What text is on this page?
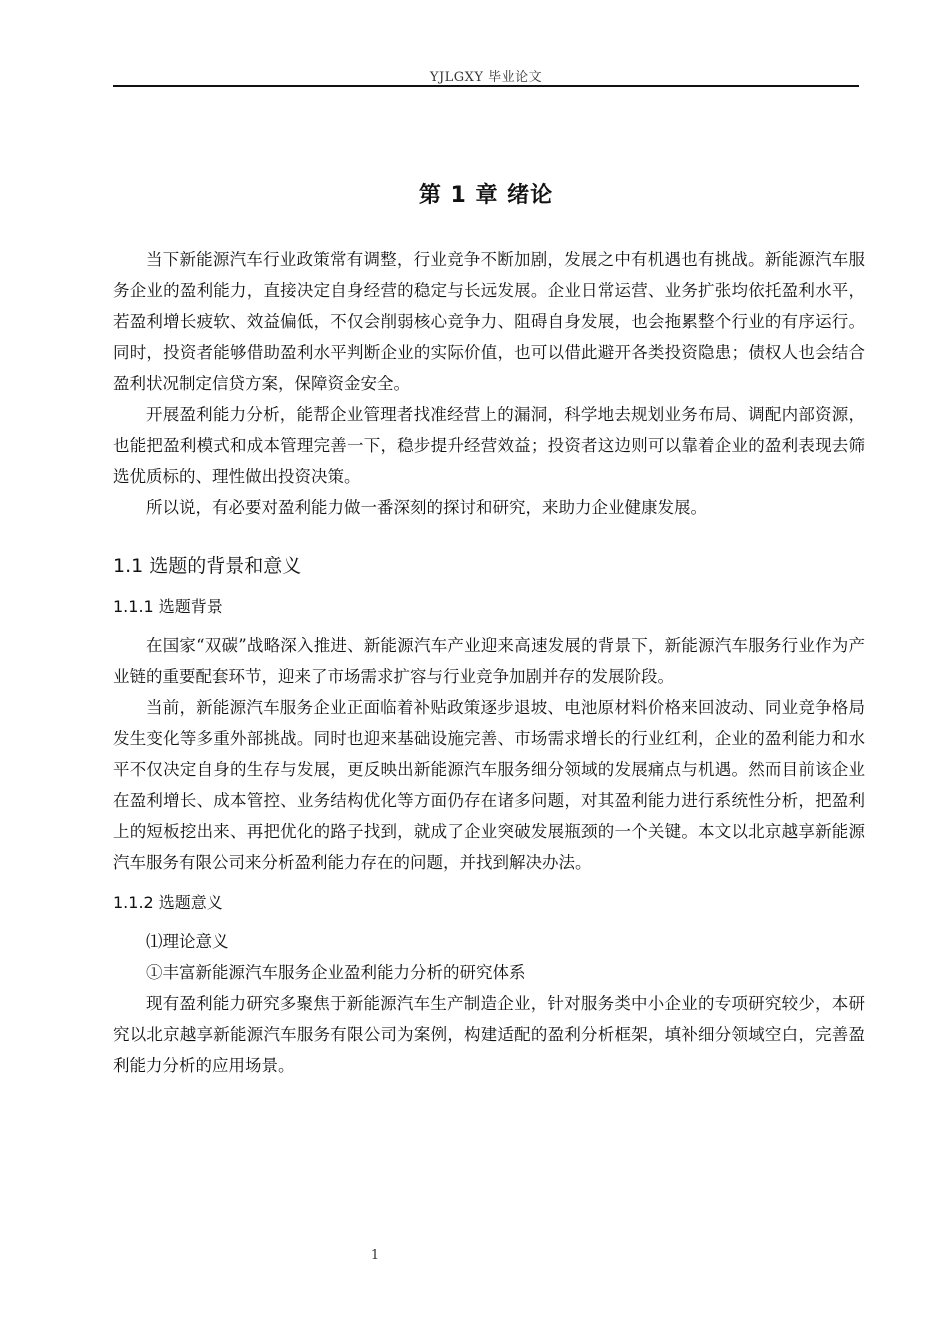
YJLGXY 毕业论文
第 1 章 绪论

当下新能源汽车行业政策常有调整，行业竞争不断加剧，发展之中有机遇也有挑战。新能源汽车服务企业的盈利能力，直接决定自身经营的稳定与长远发展。企业日常运营、业务扩张均依托盈利水平，若盈利增长疲软、效益偏低，不仅会削弱核心竞争力、阻碍自身发展，也会拖累整个行业的有序运行。同时，投资者能够借助盈利水平判断企业的实际价值，也可以借此避开各类投资隐患；债权人也会结合盈利状况制定信贷方案，保障资金安全。

开展盈利能力分析，能帮企业管理者找准经营上的漏洞，科学地去规划业务布局、调配内部资源，也能把盈利模式和成本管理完善一下，稳步提升经营效益；投资者这边则可以靠着企业的盈利表现去筛选优质标的、理性做出投资决策。

所以说，有必要对盈利能力做一番深刻的探讨和研究，来助力企业健康发展。

1.1 选题的背景和意义
1.1.1 选题背景

在国家“双碳”战略深入推进、新能源汽车产业迎来高速发展的背景下，新能源汽车服务行业作为产业链的重要配套环节，迎来了市场需求扩容与行业竞争加剧并存的发展阶段。

当前，新能源汽车服务企业正面临着补贴政策逐步退坡、电池原材料价格来回波动、同业竞争格局发生变化等多重外部挑战。同时也迎来基础设施完善、市场需求增长的行业红利，企业的盈利能力和水平不仅决定自身的生存与发展，更反映出新能源汽车服务细分领域的发展痛点与机遇。然而目前该企业在盈利增长、成本管控、业务结构优化等方面仍存在诸多问题，对其盈利能力进行系统性分析，把盈利上的短板挖出来、再把优化的路子找到，就成了企业突破发展瓶颈的一个关键。本文以北京越享新能源汽车服务有限公司来分析盈利能力存在的问题，并找到解决办法。

1.1.2 选题意义

⑴理论意义

①丰富新能源汽车服务企业盈利能力分析的研究体系

现有盈利能力研究多聚焦于新能源汽车生产制造企业，针对服务类中小企业的专项研究较少，本研究以北京越享新能源汽车服务有限公司为案例，构建适配的盈利分析框架，填补细分领域空白，完善盈利能力分析的应用场景。

1
